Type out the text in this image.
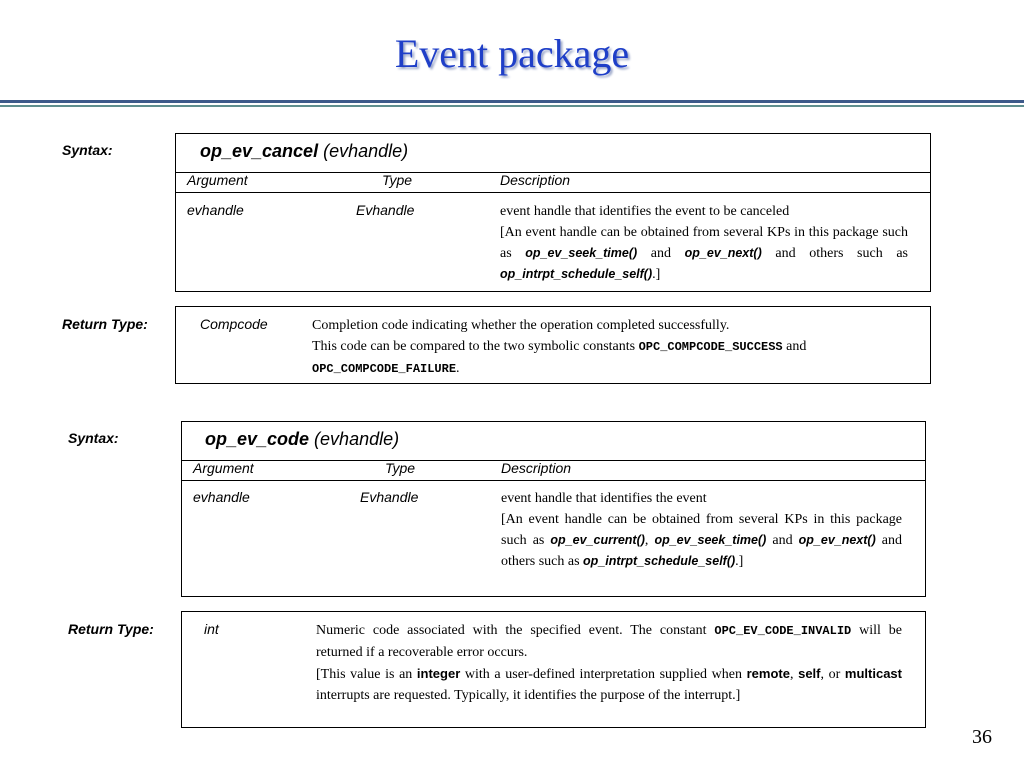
Event package
Syntax:	op_ev_cancel (evhandle)
Argument	Type	Description
evhandle	Evhandle	event handle that identifies the event to be canceled

[An event handle can be obtained from several KPs in this package such as op_ev_seek_time() and op_ev_next() and others such as op_intrpt_schedule_self().]

Return Type:	Compcode	Completion code indicating whether the operation completed successfully.

This code can be compared to the two symbolic constants OPC_COMPCODE_SUCCESS and OPC_COMPCODE_FAILURE.

Syntax:	op_ev_code (evhandle)
Argument	Type	Description
evhandle	Evhandle	event handle that identifies the event

[An event handle can be obtained from several KPs in this package such as op_ev_current(), op_ev_seek_time() and op_ev_next() and others such as op_intrpt_schedule_self().]

Return Type:	int	Numeric code associated with the specified event. The constant OPC_EV_CODE_INVALID will be returned if a recoverable error occurs.

[This value is an integer with a user-defined interpretation supplied when remote, self, or multicast interrupts are requested. Typically, it identifies the purpose of the interrupt.]

36
